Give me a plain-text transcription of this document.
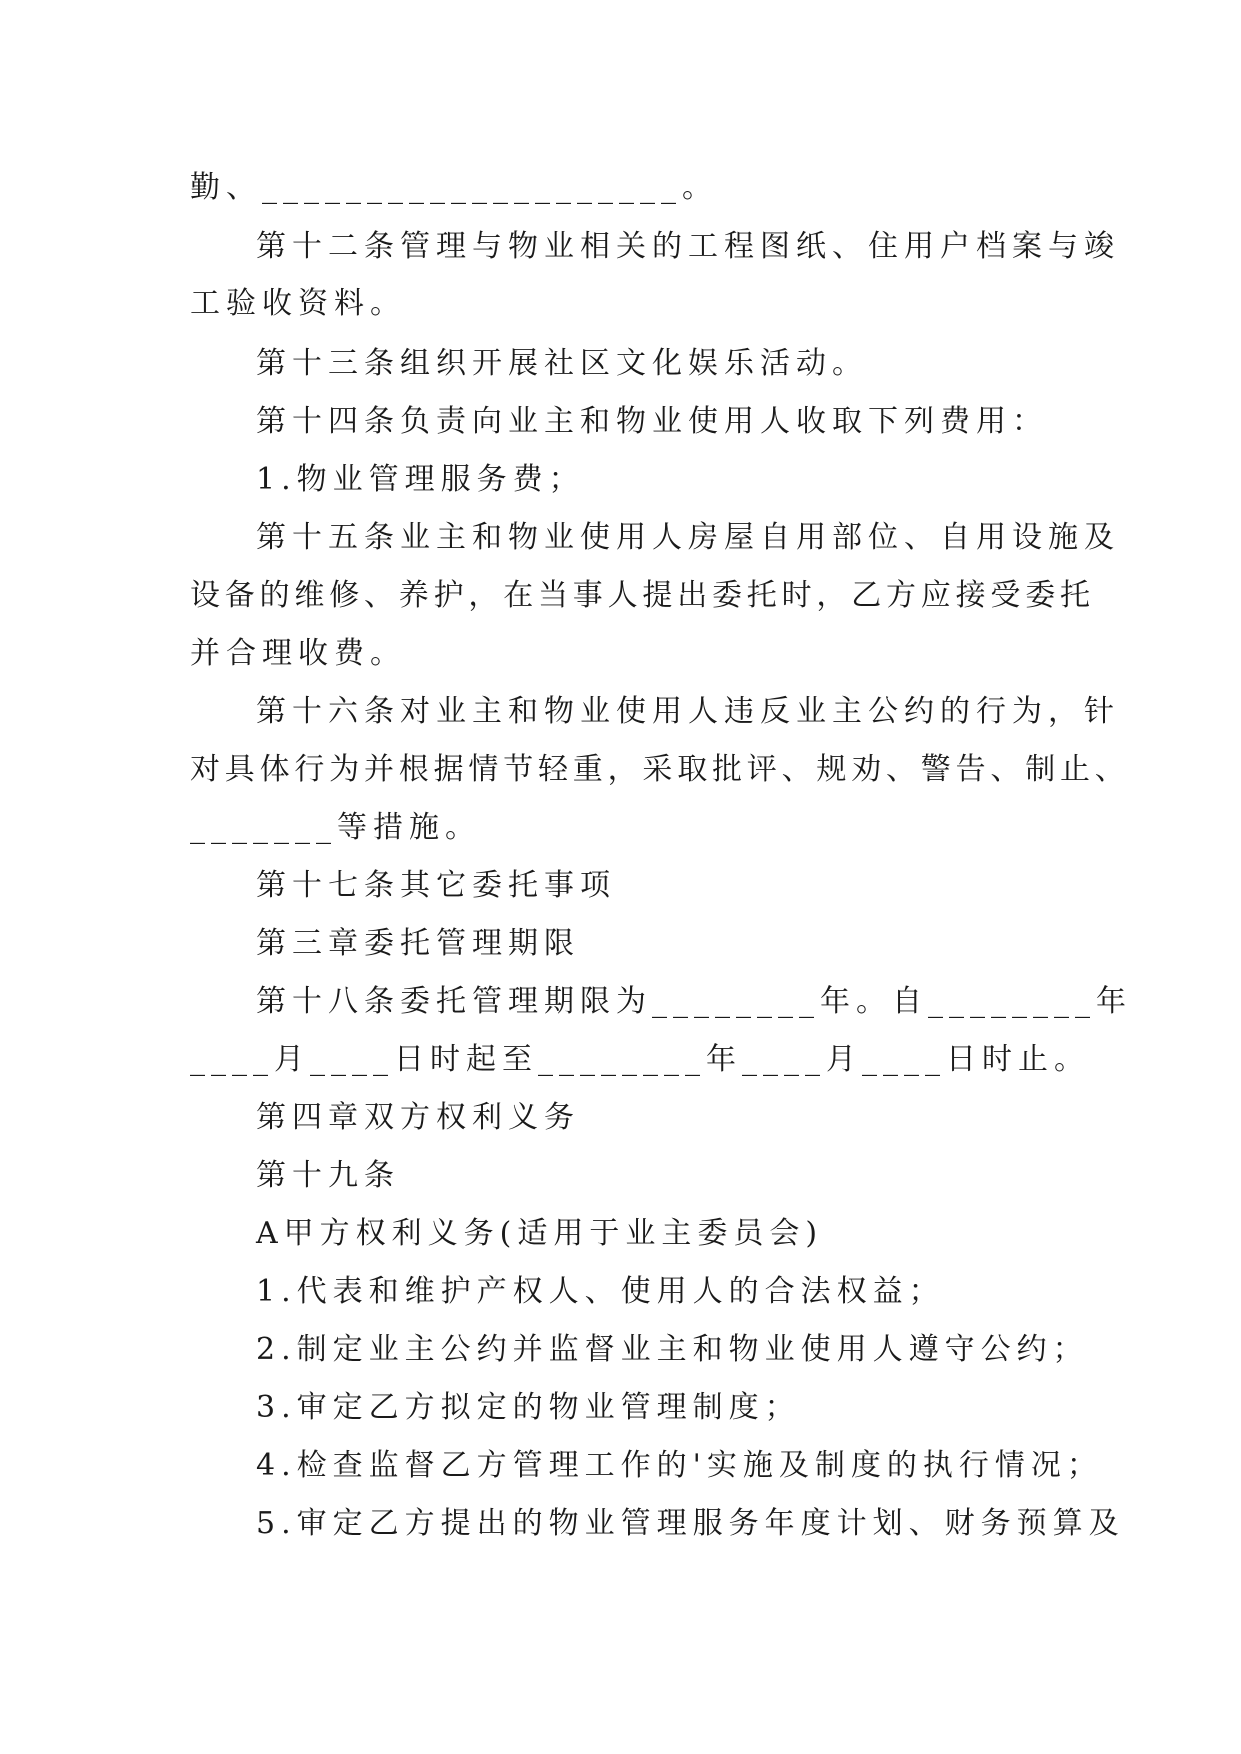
勤、____________________。
第十二条管理与物业相关的工程图纸、住用户档案与竣
工验收资料。
第十三条组织开展社区文化娱乐活动。
第十四条负责向业主和物业使用人收取下列费用：
1.物业管理服务费；
第十五条业主和物业使用人房屋自用部位、自用设施及
设备的维修、养护，在当事人提出委托时，乙方应接受委托
并合理收费。
第十六条对业主和物业使用人违反业主公约的行为，针
对具体行为并根据情节轻重，采取批评、规劝、警告、制止、
_______等措施。
第十七条其它委托事项
第三章委托管理期限
第十八条委托管理期限为________年。自________年
____月____日时起至________年____月____日时止。
第四章双方权利义务
第十九条
A甲方权利义务(适用于业主委员会)
1.代表和维护产权人、使用人的合法权益；
2.制定业主公约并监督业主和物业使用人遵守公约；
3.审定乙方拟定的物业管理制度；
4.检查监督乙方管理工作的'实施及制度的执行情况；
5.审定乙方提出的物业管理服务年度计划、财务预算及
